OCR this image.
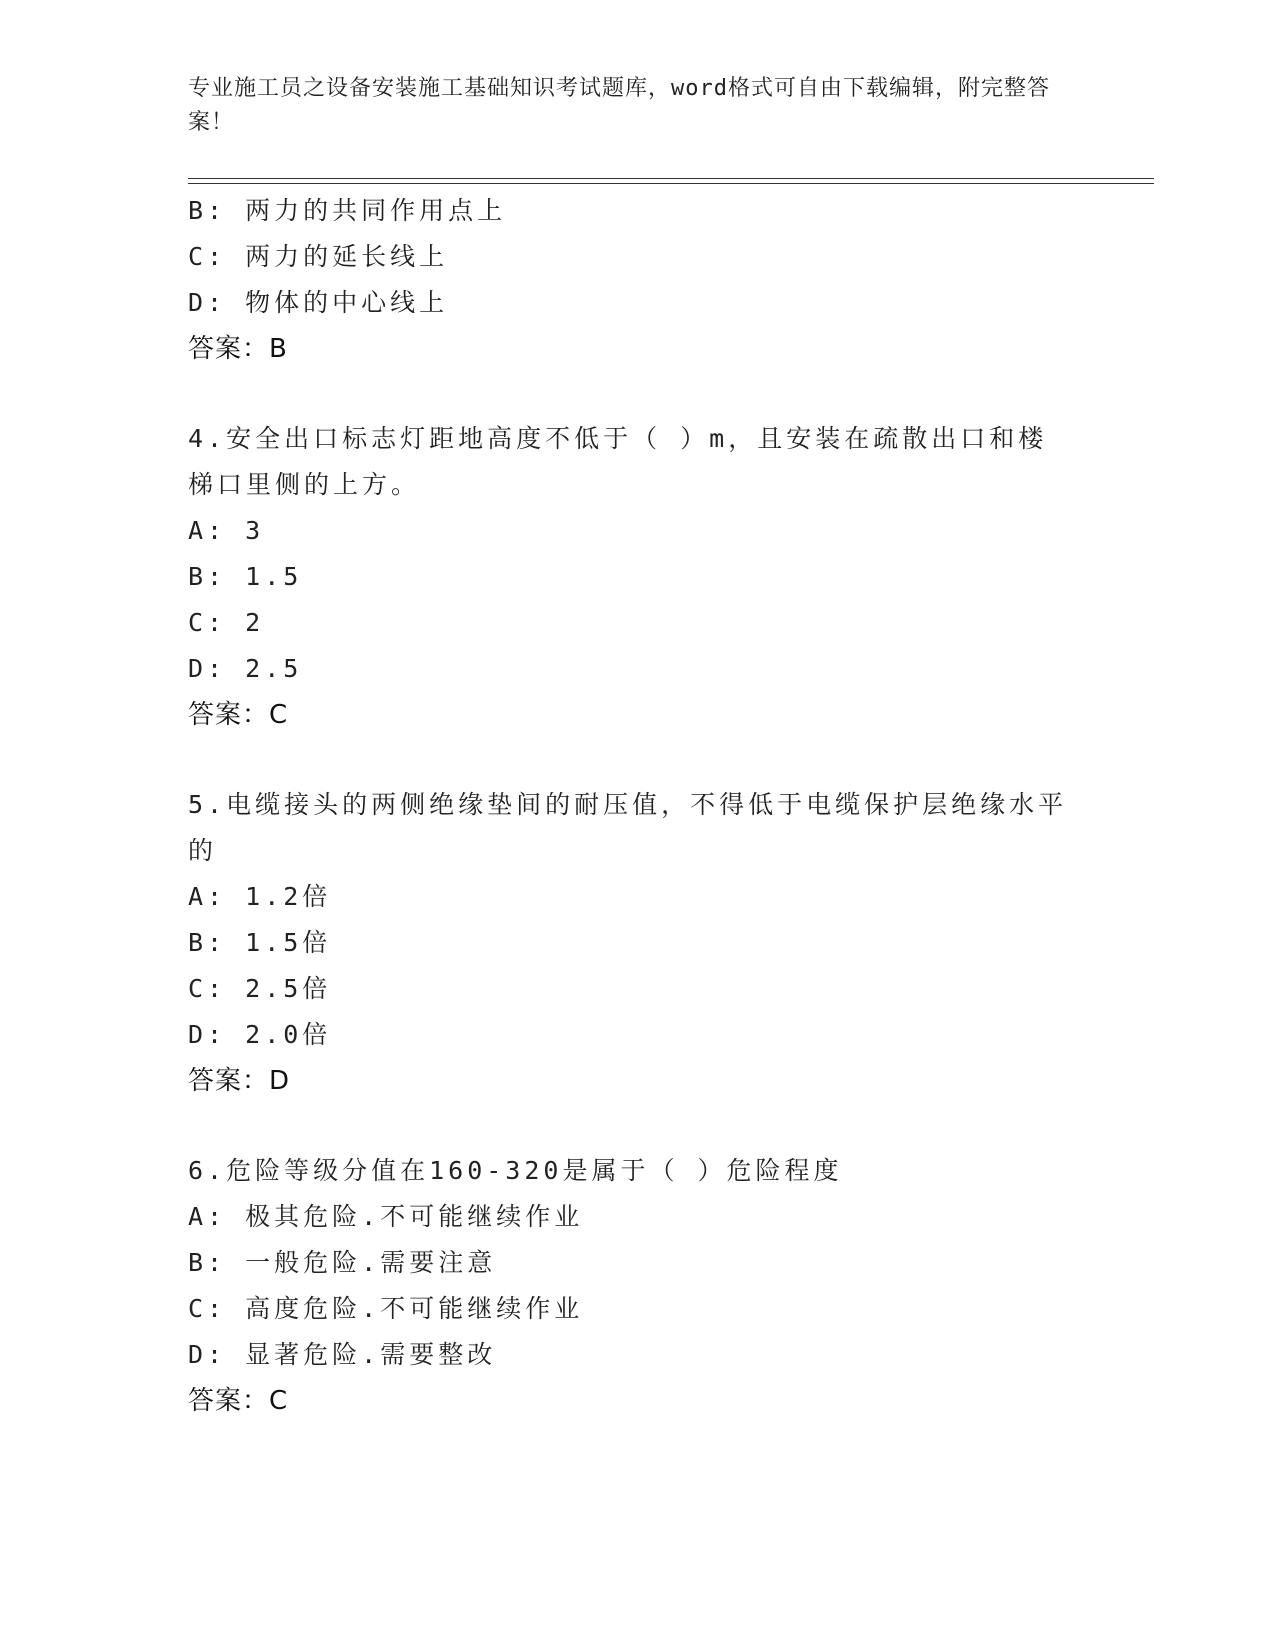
专业施工员之设备安装施工基础知识考试题库，word格式可自由下载编辑，附完整答案！
B: 两力的共同作用点上
C: 两力的延长线上
D: 物体的中心线上
答案：B
4.安全出口标志灯距地高度不低于（ ）m，且安装在疏散出口和楼梯口里侧的上方。
A: 3
B: 1.5
C: 2
D: 2.5
答案：C
5.电缆接头的两侧绝缘垫间的耐压值，不得低于电缆保护层绝缘水平的
A: 1.2倍
B: 1.5倍
C: 2.5倍
D: 2.0倍
答案：D
6.危险等级分值在160-320是属于（ ）危险程度
A: 极其危险.不可能继续作业
B: 一般危险.需要注意
C: 高度危险.不可能继续作业
D: 显著危险.需要整改
答案：C
